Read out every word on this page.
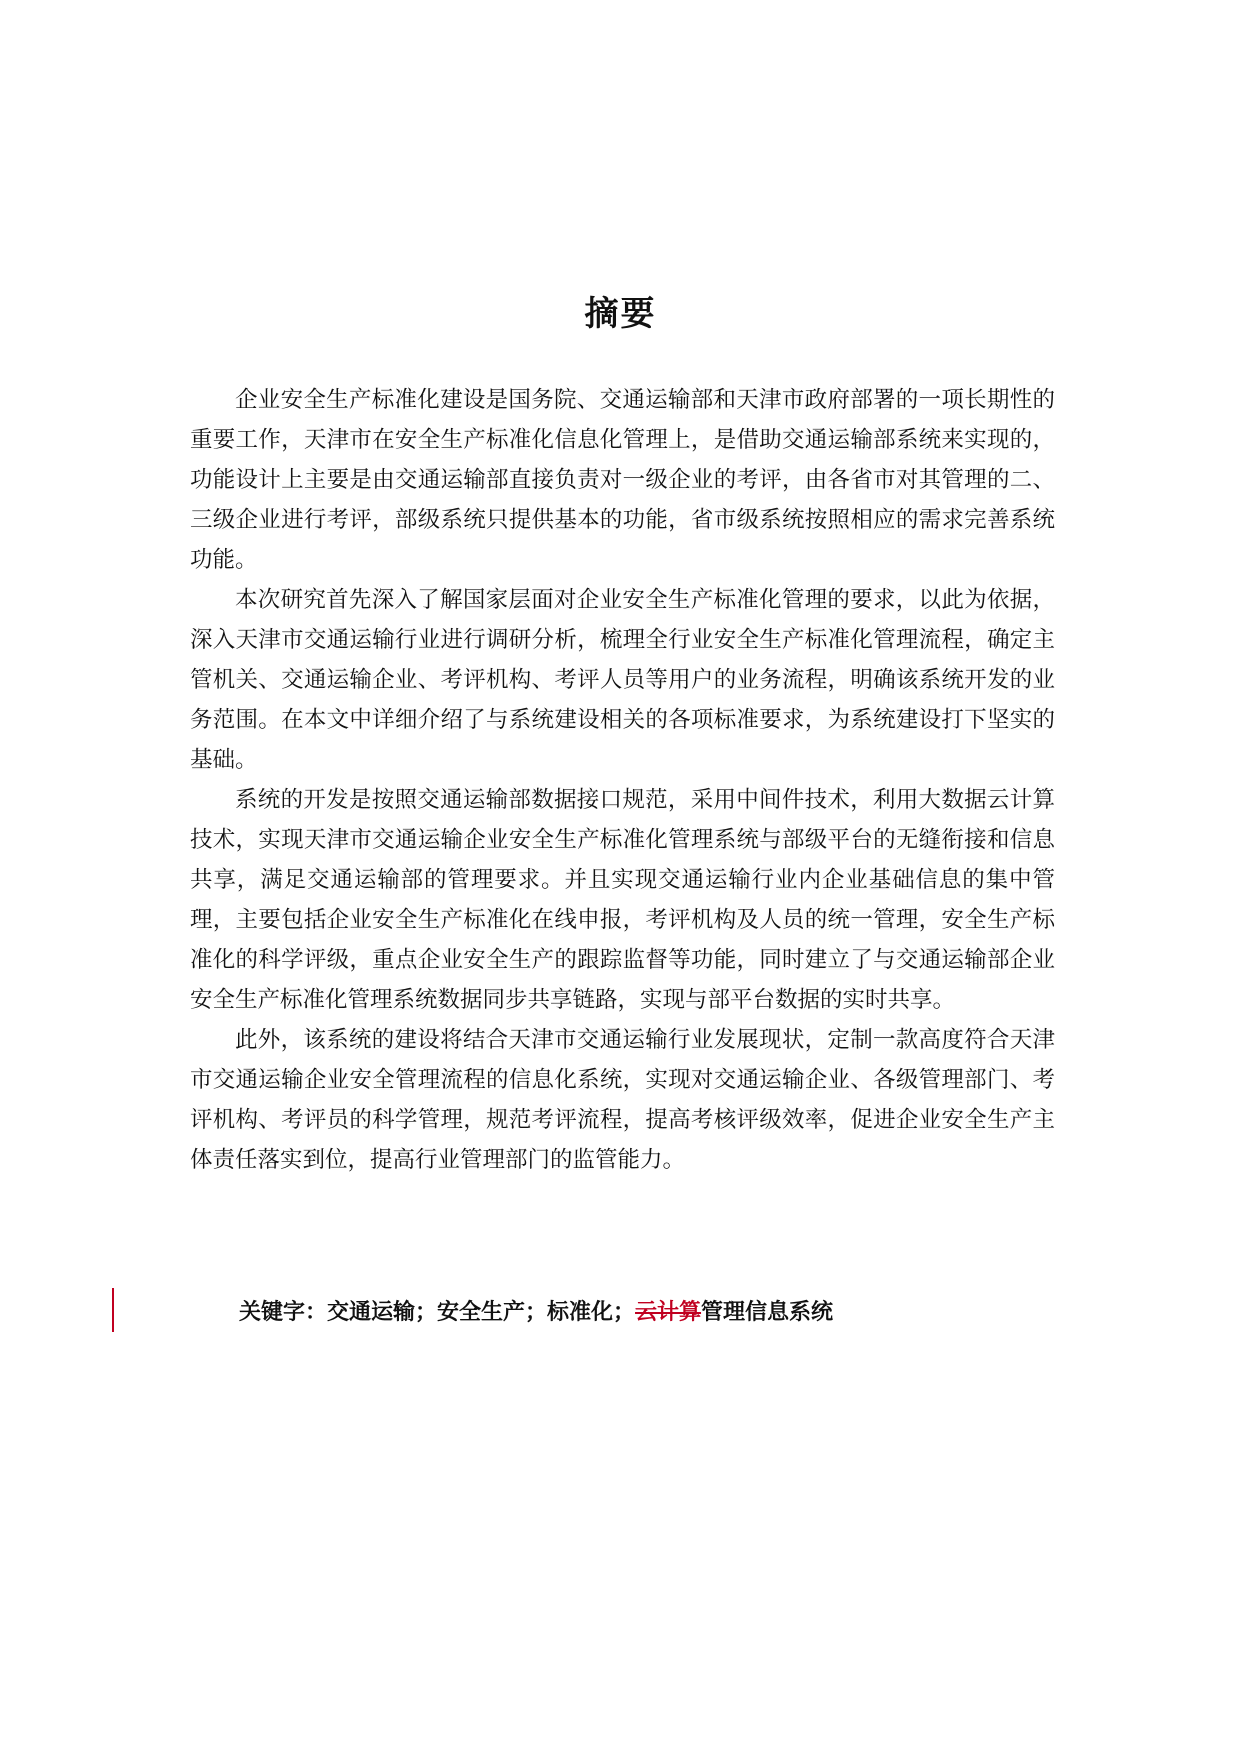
摘要

企业安全生产标准化建设是国务院、交通运输部和天津市政府部署的一项长期性的重要工作，天津市在安全生产标准化信息化管理上，是借助交通运输部系统来实现的，功能设计上主要是由交通运输部直接负责对一级企业的考评，由各省市对其管理的二、三级企业进行考评，部级系统只提供基本的功能，省市级系统按照相应的需求完善系统功能。

本次研究首先深入了解国家层面对企业安全生产标准化管理的要求，以此为依据，深入天津市交通运输行业进行调研分析，梳理全行业安全生产标准化管理流程，确定主管机关、交通运输企业、考评机构、考评人员等用户的业务流程，明确该系统开发的业务范围。在本文中详细介绍了与系统建设相关的各项标准要求，为系统建设打下坚实的基础。

系统的开发是按照交通运输部数据接口规范，采用中间件技术，利用大数据云计算技术，实现天津市交通运输企业安全生产标准化管理系统与部级平台的无缝衔接和信息共享，满足交通运输部的管理要求。并且实现交通运输行业内企业基础信息的集中管理，主要包括企业安全生产标准化在线申报，考评机构及人员的统一管理，安全生产标准化的科学评级，重点企业安全生产的跟踪监督等功能，同时建立了与交通运输部企业安全生产标准化管理系统数据同步共享链路，实现与部平台数据的实时共享。

此外，该系统的建设将结合天津市交通运输行业发展现状，定制一款高度符合天津市交通运输企业安全管理流程的信息化系统，实现对交通运输企业、各级管理部门、考评机构、考评员的科学管理，规范考评流程，提高考核评级效率，促进企业安全生产主体责任落实到位，提高行业管理部门的监管能力。

关键字：交通运输；安全生产；标准化；云计算管理信息系统
